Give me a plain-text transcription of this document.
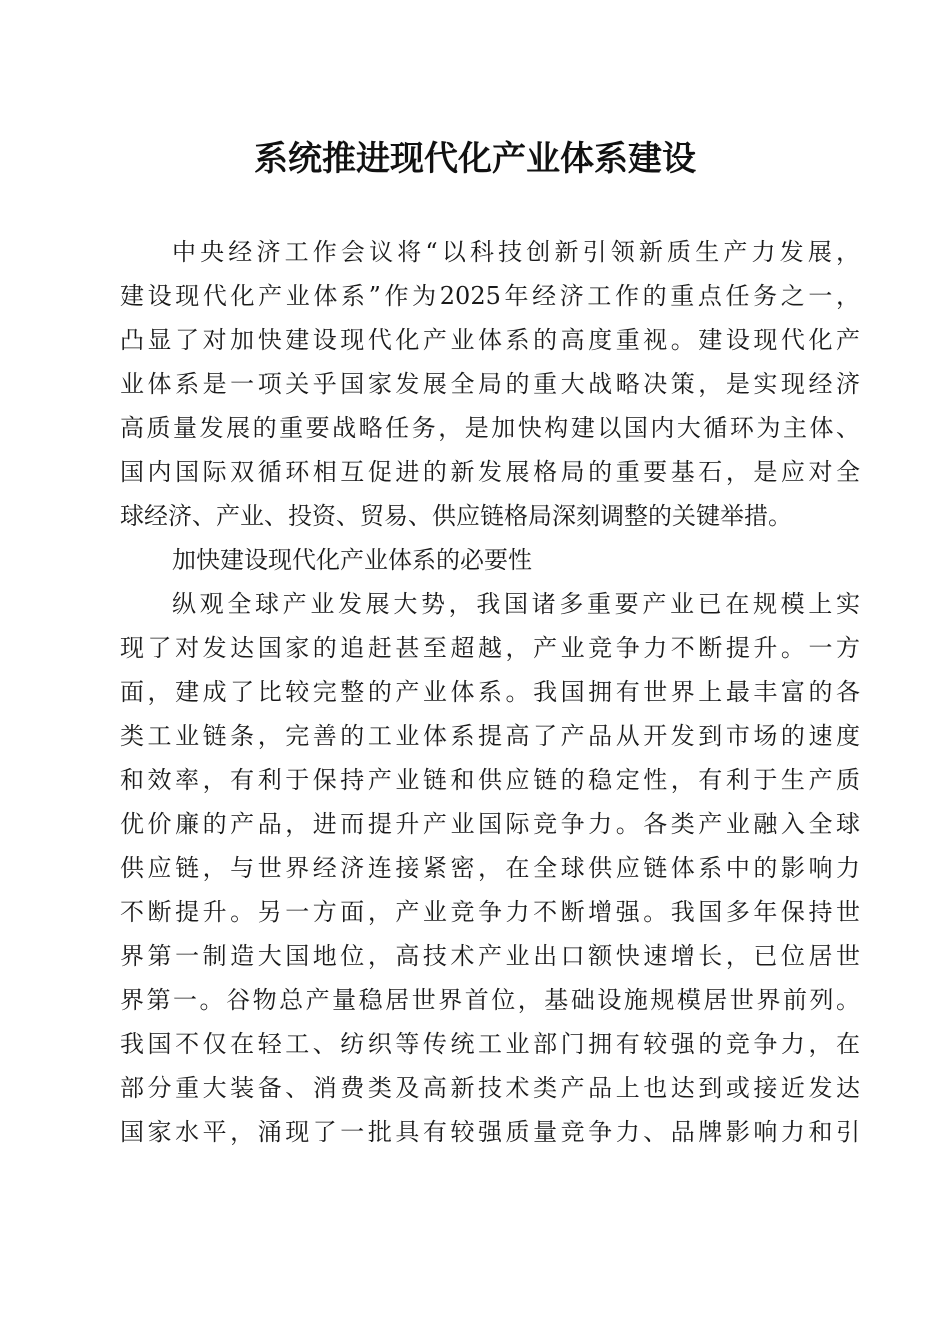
系统推进现代化产业体系建设
中央经济工作会议将“以科技创新引领新质生产力发展，
建设现代化产业体系”作为2025年经济工作的重点任务之一，
凸显了对加快建设现代化产业体系的高度重视。建设现代化产
业体系是一项关乎国家发展全局的重大战略决策，是实现经济
高质量发展的重要战略任务，是加快构建以国内大循环为主体、
国内国际双循环相互促进的新发展格局的重要基石，是应对全
球经济、产业、投资、贸易、供应链格局深刻调整的关键举措。
加快建设现代化产业体系的必要性
纵观全球产业发展大势，我国诸多重要产业已在规模上实
现了对发达国家的追赶甚至超越，产业竞争力不断提升。一方
面，建成了比较完整的产业体系。我国拥有世界上最丰富的各
类工业链条，完善的工业体系提高了产品从开发到市场的速度
和效率，有利于保持产业链和供应链的稳定性，有利于生产质
优价廉的产品，进而提升产业国际竞争力。各类产业融入全球
供应链，与世界经济连接紧密，在全球供应链体系中的影响力
不断提升。另一方面，产业竞争力不断增强。我国多年保持世
界第一制造大国地位，高技术产业出口额快速增长，已位居世
界第一。谷物总产量稳居世界首位，基础设施规模居世界前列。
我国不仅在轻工、纺织等传统工业部门拥有较强的竞争力，在
部分重大装备、消费类及高新技术类产品上也达到或接近发达
国家水平，涌现了一批具有较强质量竞争力、品牌影响力和引
